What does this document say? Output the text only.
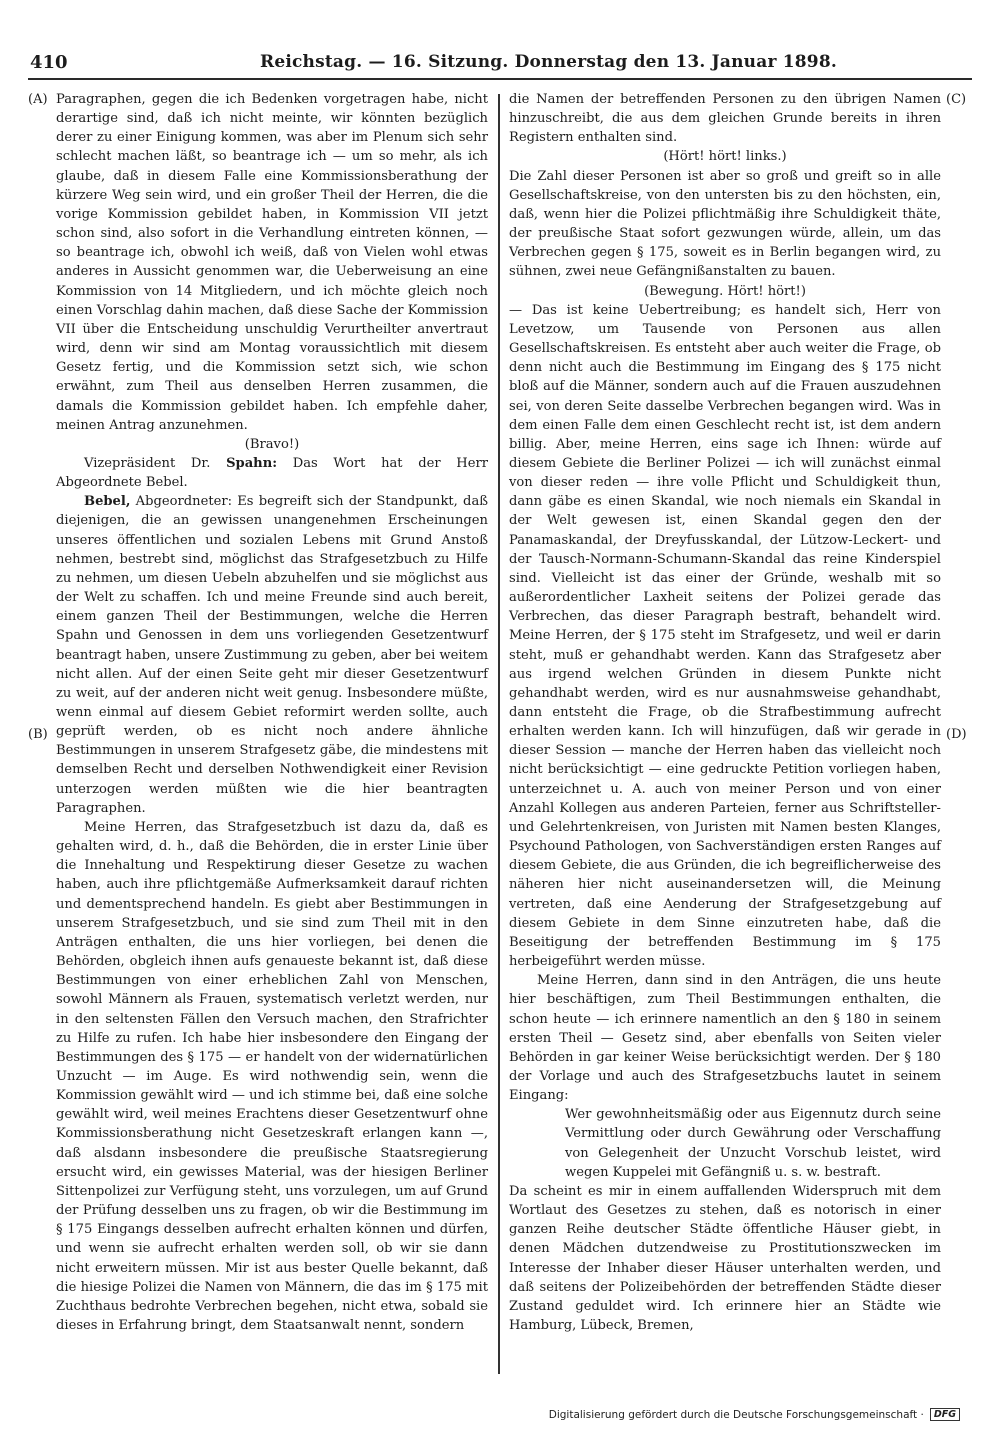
410	Reichstag. — 16. Sitzung. Donnerstag den 13. Januar 1898.
(A)
(B)
(C)
(D)

Paragraphen, gegen die ich Bedenken vorgetragen habe, nicht derartige sind, daß ich nicht meinte, wir könnten bezüglich derer zu einer Einigung kommen, was aber im Plenum sich sehr schlecht machen läßt, so beantrage ich — um so mehr, als ich glaube, daß in diesem Falle eine Kommissionsberathung der kürzere Weg sein wird, und ein großer Theil der Herren, die die vorige Kommission gebildet haben, in Kommission VII jetzt schon sind, also sofort in die Verhandlung eintreten können, — so beantrage ich, obwohl ich weiß, daß von Vielen wohl etwas anderes in Aussicht genommen war, die Ueberweisung an eine Kommission von 14 Mitgliedern, und ich möchte gleich noch einen Vorschlag dahin machen, daß diese Sache der Kommission VII über die Entscheidung unschuldig Verurtheilter anvertraut wird, denn wir sind am Montag voraussichtlich mit diesem Gesetz fertig, und die Kommission setzt sich, wie schon erwähnt, zum Theil aus denselben Herren zusammen, die damals die Kommission gebildet haben. Ich empfehle daher, meinen Antrag anzunehmen.

(Bravo!)

Vizepräsident Dr. Spahn: Das Wort hat der Herr Abgeordnete Bebel.

Bebel, Abgeordneter: Es begreift sich der Standpunkt, daß diejenigen, die an gewissen unangenehmen Erscheinungen unseres öffentlichen und sozialen Lebens mit Grund Anstoß nehmen, bestrebt sind, möglichst das Strafgesetzbuch zu Hilfe zu nehmen, um diesen Uebeln abzuhelfen und sie möglichst aus der Welt zu schaffen. Ich und meine Freunde sind auch bereit, einem ganzen Theil der Bestimmungen, welche die Herren Spahn und Genossen in dem uns vorliegenden Gesetzentwurf beantragt haben, unsere Zustimmung zu geben, aber bei weitem nicht allen. Auf der einen Seite geht mir dieser Gesetzentwurf zu weit, auf der anderen nicht weit genug. Insbesondere müßte, wenn einmal auf diesem Gebiet reformirt werden sollte, auch geprüft werden, ob es nicht noch andere ähnliche Bestimmungen in unserem Strafgesetz gäbe, die mindestens mit demselben Recht und derselben Nothwendigkeit einer Revision unterzogen werden müßten wie die hier beantragten Paragraphen.

Meine Herren, das Strafgesetzbuch ist dazu da, daß es gehalten wird, d. h., daß die Behörden, die in erster Linie über die Innehaltung und Respektirung dieser Gesetze zu wachen haben, auch ihre pflichtgemäße Aufmerksamkeit darauf richten und dementsprechend handeln. Es giebt aber Bestimmungen in unserem Strafgesetzbuch, und sie sind zum Theil mit in den Anträgen enthalten, die uns hier vorliegen, bei denen die Behörden, obgleich ihnen aufs genaueste bekannt ist, daß diese Bestimmungen von einer erheblichen Zahl von Menschen, sowohl Männern als Frauen, systematisch verletzt werden, nur in den seltensten Fällen den Versuch machen, den Strafrichter zu Hilfe zu rufen. Ich habe hier insbesondere den Eingang der Bestimmungen des § 175 — er handelt von der widernatürlichen Unzucht — im Auge. Es wird nothwendig sein, wenn die Kommission gewählt wird — und ich stimme bei, daß eine solche gewählt wird, weil meines Erachtens dieser Gesetzentwurf ohne Kommissionsberathung nicht Gesetzeskraft erlangen kann —, daß alsdann insbesondere die preußische Staatsregierung ersucht wird, ein gewisses Material, was der hiesigen Berliner Sittenpolizei zur Verfügung steht, uns vorzulegen, um auf Grund der Prüfung desselben uns zu fragen, ob wir die Bestimmung im § 175 Eingangs desselben aufrecht erhalten können und dürfen, und wenn sie aufrecht erhalten werden soll, ob wir sie dann nicht erweitern müssen. Mir ist aus bester Quelle bekannt, daß die hiesige Polizei die Namen von Männern, die das im § 175 mit Zuchthaus bedrohte Verbrechen begehen, nicht etwa, sobald sie dieses in Erfahrung bringt, dem Staatsanwalt nennt, sondern

die Namen der betreffenden Personen zu den übrigen Namen hinzuschreibt, die aus dem gleichen Grunde bereits in ihren Registern enthalten sind.

(Hört! hört! links.)

Die Zahl dieser Personen ist aber so groß und greift so in alle Gesellschaftskreise, von den untersten bis zu den höchsten, ein, daß, wenn hier die Polizei pflichtmäßig ihre Schuldigkeit thäte, der preußische Staat sofort gezwungen würde, allein, um das Verbrechen gegen § 175, soweit es in Berlin begangen wird, zu sühnen, zwei neue Gefängnißanstalten zu bauen.

(Bewegung. Hört! hört!)

— Das ist keine Uebertreibung; es handelt sich, Herr von Levetzow, um Tausende von Personen aus allen Gesellschaftskreisen. Es entsteht aber auch weiter die Frage, ob denn nicht auch die Bestimmung im Eingang des § 175 nicht bloß auf die Männer, sondern auch auf die Frauen auszudehnen sei, von deren Seite dasselbe Verbrechen begangen wird. Was in dem einen Falle dem einen Geschlecht recht ist, ist dem andern billig. Aber, meine Herren, eins sage ich Ihnen: würde auf diesem Gebiete die Berliner Polizei — ich will zunächst einmal von dieser reden — ihre volle Pflicht und Schuldigkeit thun, dann gäbe es einen Skandal, wie noch niemals ein Skandal in der Welt gewesen ist, einen Skandal gegen den der Panamaskandal, der Dreyfusskandal, der Lützow-Leckert- und der Tausch-Normann-Schumann-Skandal das reine Kinderspiel sind. Vielleicht ist das einer der Gründe, weshalb mit so außerordentlicher Laxheit seitens der Polizei gerade das Verbrechen, das dieser Paragraph bestraft, behandelt wird. Meine Herren, der § 175 steht im Strafgesetz, und weil er darin steht, muß er gehandhabt werden. Kann das Strafgesetz aber aus irgend welchen Gründen in diesem Punkte nicht gehandhabt werden, wird es nur ausnahmsweise gehandhabt, dann entsteht die Frage, ob die Strafbestimmung aufrecht erhalten werden kann. Ich will hinzufügen, daß wir gerade in dieser Session — manche der Herren haben das vielleicht noch nicht berücksichtigt — eine gedruckte Petition vorliegen haben, unterzeichnet u. A. auch von meiner Person und von einer Anzahl Kollegen aus anderen Parteien, ferner aus Schriftsteller- und Gelehrtenkreisen, von Juristen mit Namen besten Klanges, Psychound Pathologen, von Sachverständigen ersten Ranges auf diesem Gebiete, die aus Gründen, die ich begreiflicherweise des näheren hier nicht auseinandersetzen will, die Meinung vertreten, daß eine Aenderung der Strafgesetzgebung auf diesem Gebiete in dem Sinne einzutreten habe, daß die Beseitigung der betreffenden Bestimmung im § 175 herbeigeführt werden müsse.

Meine Herren, dann sind in den Anträgen, die uns heute hier beschäftigen, zum Theil Bestimmungen enthalten, die schon heute — ich erinnere namentlich an den § 180 in seinem ersten Theil — Gesetz sind, aber ebenfalls von Seiten vieler Behörden in gar keiner Weise berücksichtigt werden. Der § 180 der Vorlage und auch des Strafgesetzbuchs lautet in seinem Eingang:

Wer gewohnheitsmäßig oder aus Eigennutz durch seine Vermittlung oder durch Gewährung oder Verschaffung von Gelegenheit der Unzucht Vorschub leistet, wird wegen Kuppelei mit Gefängniß u. s. w. bestraft.

Da scheint es mir in einem auffallenden Widerspruch mit dem Wortlaut des Gesetzes zu stehen, daß es notorisch in einer ganzen Reihe deutscher Städte öffentliche Häuser giebt, in denen Mädchen dutzendweise zu Prostitutionszwecken im Interesse der Inhaber dieser Häuser unterhalten werden, und daß seitens der Polizeibehörden der betreffenden Städte dieser Zustand geduldet wird. Ich erinnere hier an Städte wie Hamburg, Lübeck, Bremen,

Digitalisierung gefördert durch die Deutsche Forschungsgemeinschaft ·	DFG
